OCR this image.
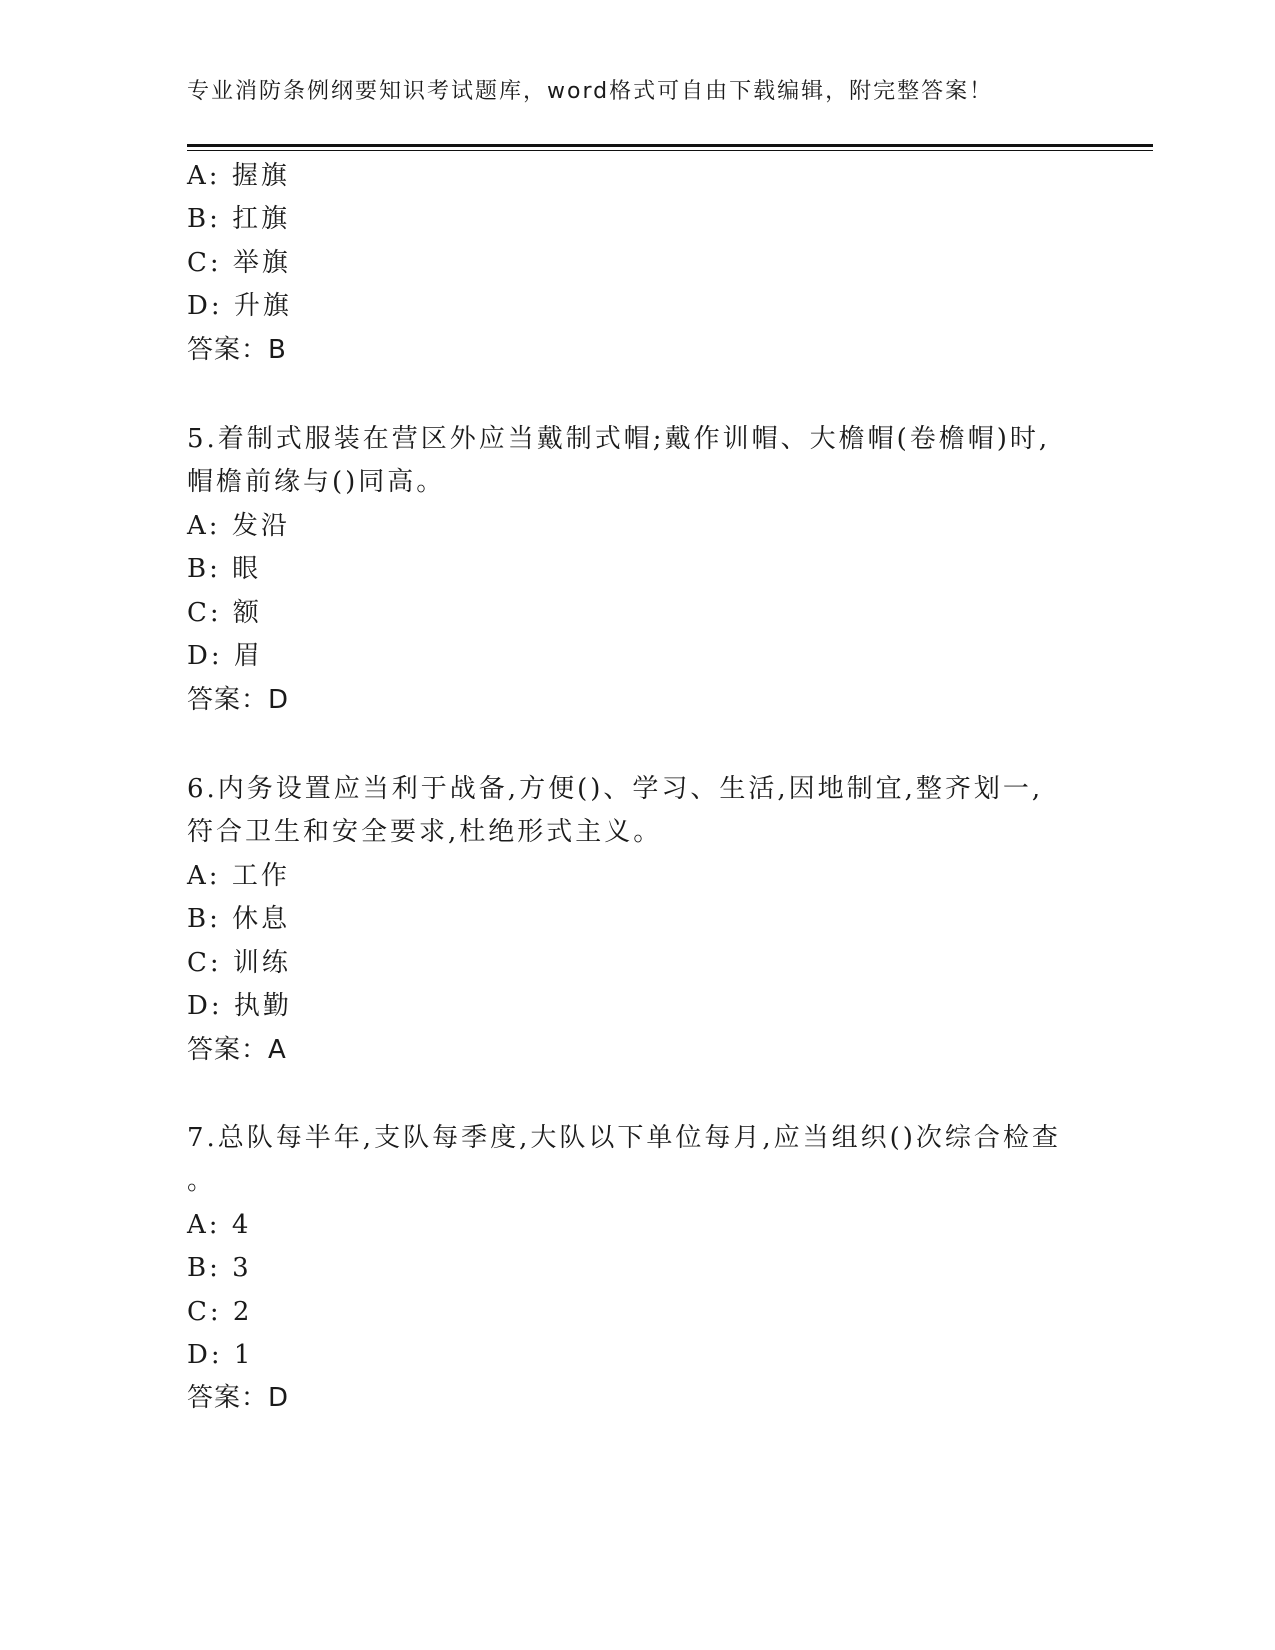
专业消防条例纲要知识考试题库，word格式可自由下载编辑，附完整答案！
A: 握旗
B: 扛旗
C: 举旗
D: 升旗
答案：B
5.着制式服装在营区外应当戴制式帽;戴作训帽、大檐帽(卷檐帽)时,
帽檐前缘与()同高。
A: 发沿
B: 眼
C: 额
D: 眉
答案：D
6.内务设置应当利于战备,方便()、学习、生活,因地制宜,整齐划一,
符合卫生和安全要求,杜绝形式主义。
A: 工作
B: 休息
C: 训练
D: 执勤
答案：A
7.总队每半年,支队每季度,大队以下单位每月,应当组织()次综合检查
。
A: 4
B: 3
C: 2
D: 1
答案：D
